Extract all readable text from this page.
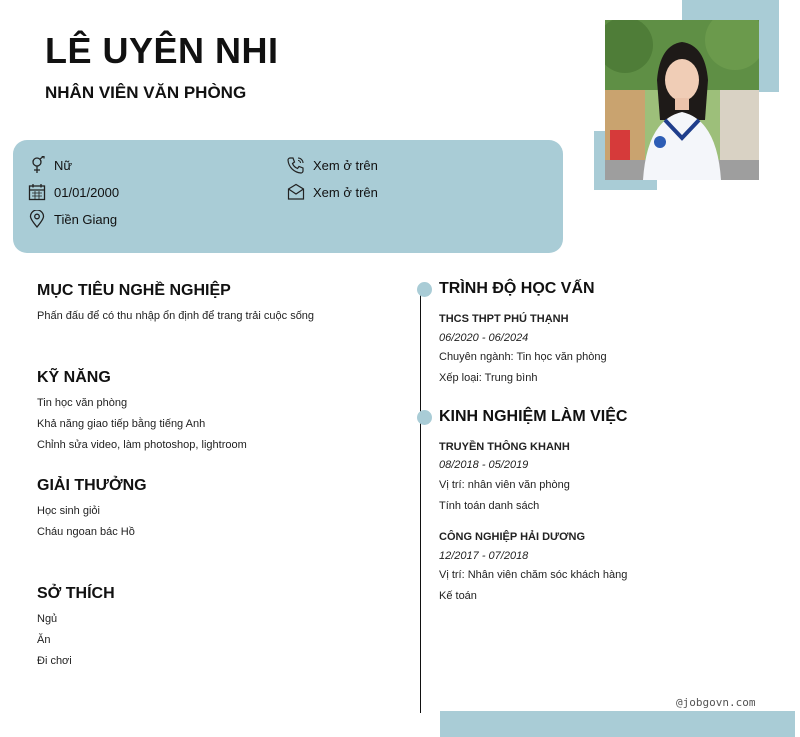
LÊ UYÊN NHI
NHÂN VIÊN VĂN PHÒNG
Nữ
01/01/2000
Tiền Giang
Xem ở trên
Xem ở trên
MỤC TIÊU NGHỀ NGHIỆP
Phấn đấu để có thu nhập ổn định để trang trải cuộc sống
KỸ NĂNG
Tin học văn phòng
Khả năng giao tiếp bằng tiếng Anh
Chỉnh sửa video, làm photoshop, lightroom
GIẢI THƯỞNG
Học sinh giỏi
Cháu ngoan bác Hồ
SỞ THÍCH
Ngủ
Ăn
Đi chơi
TRÌNH ĐỘ HỌC VẤN
THCS THPT PHÚ THẠNH
06/2020 - 06/2024
Chuyên ngành: Tin học văn phòng
Xếp loại: Trung bình
KINH NGHIỆM LÀM VIỆC
TRUYỀN THÔNG KHANH
08/2018 - 05/2019
Vị trí: nhân viên văn phòng
Tính toán danh sách
CÔNG NGHIỆP HẢI DƯƠNG
12/2017 - 07/2018
Vị trí: Nhân viên chăm sóc khách hàng
Kế toán
@jobgovn.com
